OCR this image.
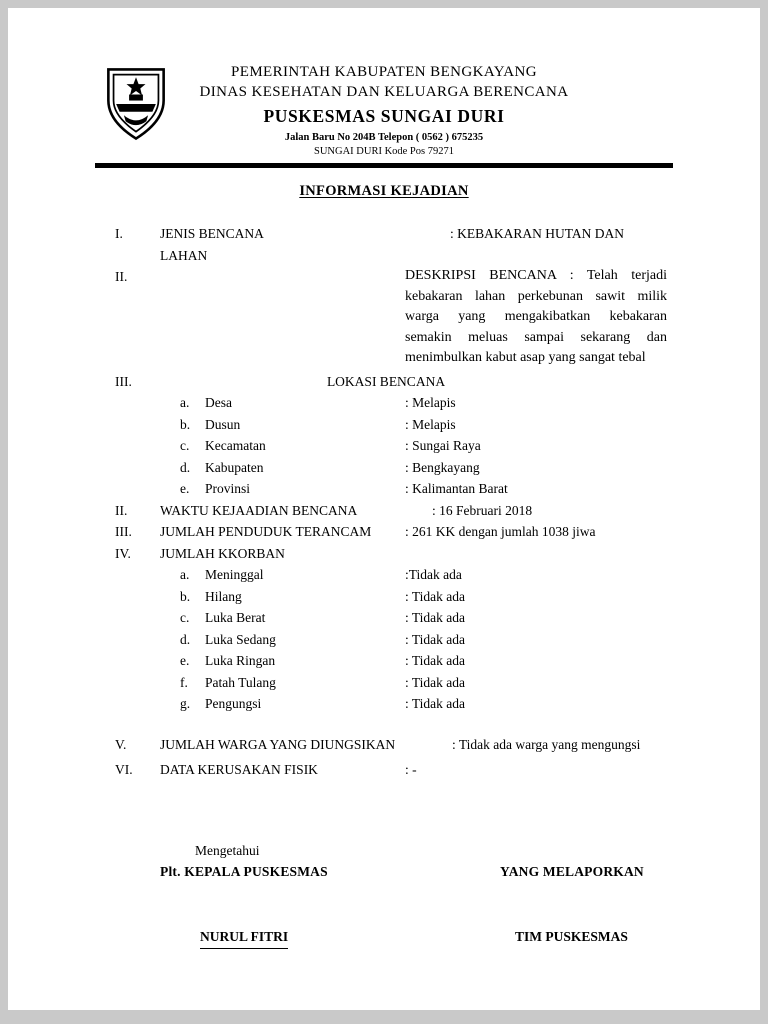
PEMERINTAH KABUPATEN BENGKAYANG
DINAS KESEHATAN DAN KELUARGA BERENCANA
PUSKESMAS SUNGAI DURI
Jalan Baru No 204B Telepon ( 0562 ) 675235
SUNGAI DURI Kode Pos 79271
INFORMASI KEJADIAN
I.	JENIS BENCANA	: KEBAKARAN HUTAN DAN
LAHAN
II.	DESKRIPSI BENCANA : Telah terjadi kebakaran lahan perkebunan sawit milik warga yang mengakibatkan kebakaran semakin meluas sampai sekarang dan menimbulkan kabut asap yang sangat tebal

III.	LOKASI BENCANA
a.	Desa	: Melapis
b.	Dusun	: Melapis
c.	Kecamatan	: Sungai Raya
d.	Kabupaten	: Bengkayang
e.	Provinsi	: Kalimantan Barat
II.	WAKTU KEJAADIAN BENCANA	: 16 Februari 2018
III.	JUMLAH PENDUDUK TERANCAM	: 261 KK dengan jumlah 1038 jiwa
IV.	JUMLAH KKORBAN
a.	Meninggal	:Tidak ada
b.	Hilang	: Tidak ada
c.	Luka Berat	: Tidak ada
d.	Luka Sedang	: Tidak ada
e.	Luka Ringan	: Tidak ada
f.	Patah Tulang	: Tidak ada
g.	Pengungsi	: Tidak ada
V.	JUMLAH WARGA YANG DIUNGSIKAN	: Tidak ada warga yang mengungsi
VI.	DATA KERUSAKAN FISIK	: -
Mengetahui
Plt. KEPALA PUSKESMAS	YANG MELAPORKAN
NURUL FITRI	TIM PUSKESMAS
